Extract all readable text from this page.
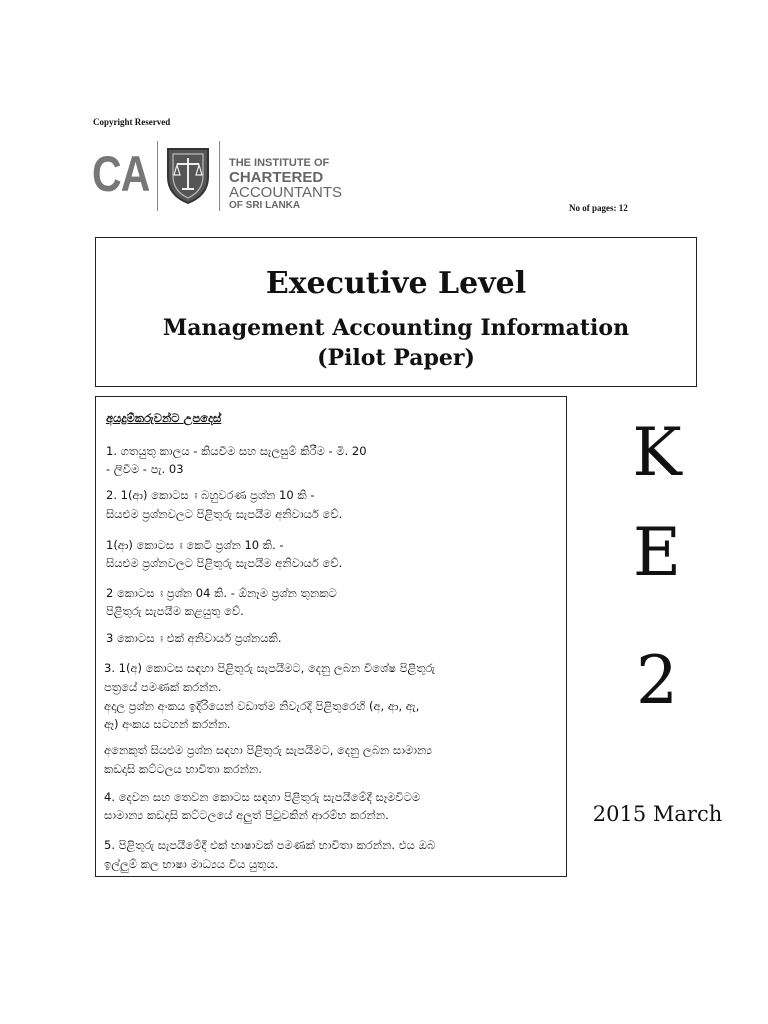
Copyright Reserved
CA	THE INSTITUTE OF
CHARTERED ACCOUNTANTS
OF SRI LANKA	No of pages: 12
Executive Level
Management Accounting Information
(Pilot Paper)
අයදුම්කරුවන්ට උපදෙස්
1. ගතයුතු කාලය - කියවීම සහ සැලසුම් කිරීම - මි. 20
- ලිවීම - පැ. 03
2. 1(ආ) කොටස ඃ බහුවරණ ප්‍රශ්න 10 කි -
සියළුම ප්‍රශ්නවලට පිළිතුරු සැපයීම අනිවාර්ය වේ.
1(ආ) කොටස ඃ කෙටි ප්‍රශ්න 10 කි. -
සියළුම ප්‍රශ්නවලට පිළිතුරු සැපයීම අනිවාර්ය වේ.
2 කොටස ඃ ප්‍රශ්න 04 කි. - ඕනෑම ප්‍රශ්න තුනකට
පිළිතුරු සැපයීම කළයුතු වේ.
3 කොටස ඃ එක් අනිවාර්ය ප්‍රශ්නයකි.
3. 1(අ) කොටස සඳහා පිළිතුරු සැපයීමට, දෙනු ලබන විශේෂ පිළිතුරු
පත්‍රයේ පමණක් කරන්න.
අදාල ප්‍රශ්න අංකය ඉදිරියෙන් වඩාත්ම නිවැරදි පිළිතුරෙහි (අ, ආ, ඇ,
ඈ) අංකය සටහන් කරන්න.
අනෙකුත් සියළුම ප්‍රශ්න සඳහා පිළිතුරු සැපයීමට, දෙනු ලබන සාමාන්‍ය
කඩදාසි කට්ටලය භාවිතා කරන්න.
4. දෙවන සහ තෙවන කොටස සඳහා පිළිතුරු සැපයීමේදී සෑමවිටම
සාමාන්‍ය කඩදාසි කට්ටලයේ අලුත් පිටුවකින් ආරම්භ කරන්න.
5. පිළිතුරු සැපයීමේදී එක් භාෂාවක් පමණක් භාවිතා කරන්න. එය ඔබ
ඉල්ලුම් කල භාෂා මාධ්‍යය විය යුතුය.
K
E
2
2015 March
